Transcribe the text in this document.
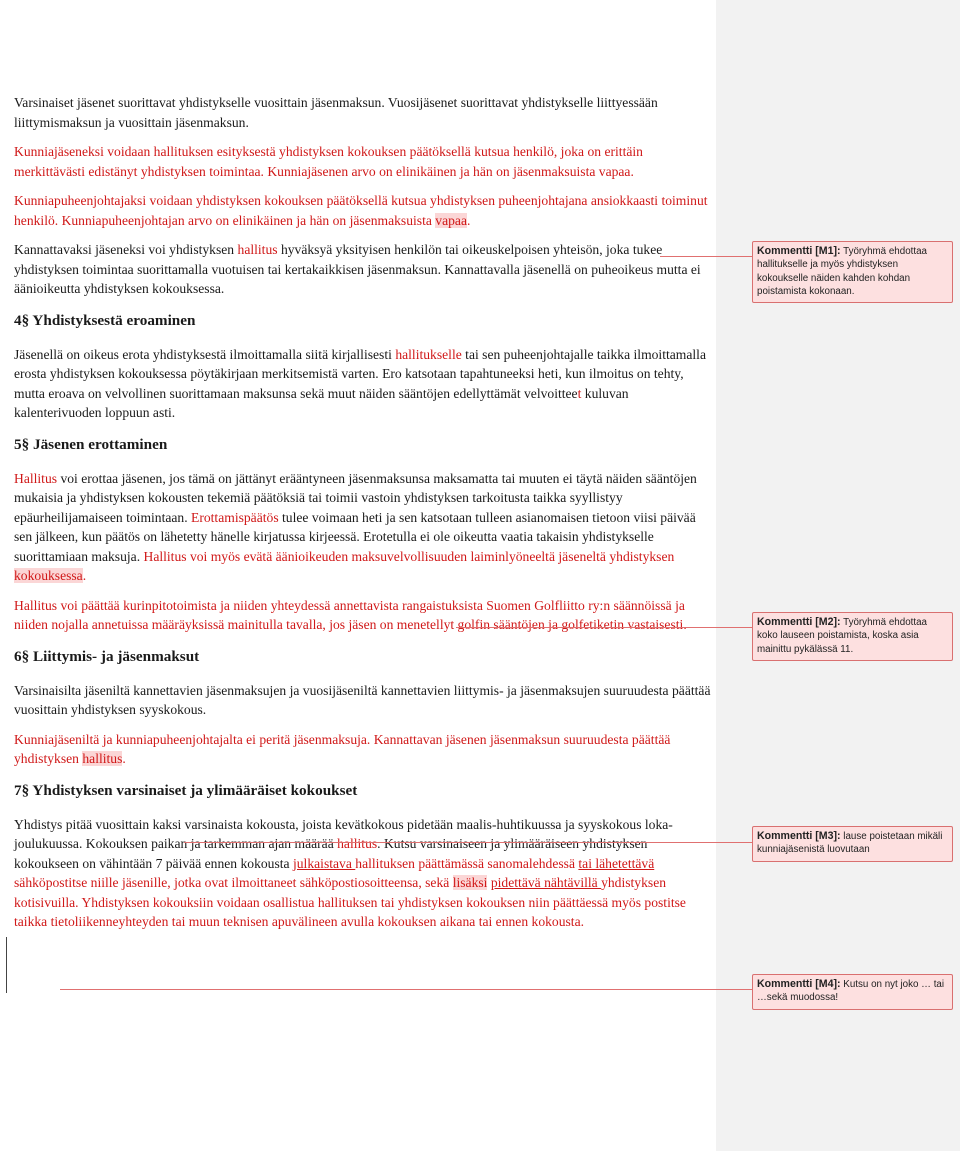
Varsinaiset jäsenet suorittavat yhdistykselle vuosittain jäsenmaksun. Vuosijäsenet suorittavat yhdistykselle liittyessään liittymismaksun ja vuosittain jäsenmaksun.

Kunniajäseneksi voidaan hallituksen esityksestä yhdistyksen kokouksen päätöksellä kutsua henkilö, joka on erittäin merkittävästi edistänyt yhdistyksen toimintaa. Kunniajäsenen arvo on elinikäinen ja hän on jäsenmaksuista vapaa.

Kunniapuheenjohtajaksi voidaan yhdistyksen kokouksen päätöksellä kutsua yhdistyksen puheenjohtajana ansiokkaasti toiminut henkilö. Kunniapuheenjohtajan arvo on elinikäinen ja hän on jäsenmaksuista vapaa.

Kannattavaksi jäseneksi voi yhdistyksen hallitus hyväksyä yksityisen henkilön tai oikeuskelpoisen yhteisön, joka tukee yhdistyksen toimintaa suorittamalla vuotuisen tai kertakaikkisen jäsenmaksun. Kannattavalla jäsenellä on puheoikeus mutta ei äänioikeutta yhdistyksen kokouksessa.

4§ Yhdistyksestä eroaminen

Jäsenellä on oikeus erota yhdistyksestä ilmoittamalla siitä kirjallisesti hallitukselle tai sen puheenjohtajalle taikka ilmoittamalla erosta yhdistyksen kokouksessa pöytäkirjaan merkitsemistä varten. Ero katsotaan tapahtuneeksi heti, kun ilmoitus on tehty, mutta eroava on velvollinen suorittamaan maksunsa sekä muut näiden sääntöjen edellyttämät velvoitteet kuluvan kalenterivuoden loppuun asti.

5§ Jäsenen erottaminen

Hallitus voi erottaa jäsenen, jos tämä on jättänyt erääntyneen jäsenmaksunsa maksamatta tai muuten ei täytä näiden sääntöjen mukaisia ja yhdistyksen kokousten tekemiä päätöksiä tai toimii vastoin yhdistyksen tarkoitusta taikka syyllistyy epäurheilijamaiseen toimintaan. Erottamispäätös tulee voimaan heti ja sen katsotaan tulleen asianomaisen tietoon viisi päivää sen jälkeen, kun päätös on lähetetty hänelle kirjatussa kirjeessä. Erotetulla ei ole oikeutta vaatia takaisin yhdistykselle suorittamiaan maksuja. Hallitus voi myös evätä äänioikeuden maksuvelvollisuuden laiminlyöneeltä jäseneltä yhdistyksen kokouksessa.

Hallitus voi päättää kurinpitotoimista ja niiden yhteydessä annettavista rangaistuksista Suomen Golfliitto ry:n säännöissä ja niiden nojalla annetuissa määräyksissä mainitulla tavalla, jos jäsen on menetellyt golfin sääntöjen ja golfetiketin vastaisesti.

6§ Liittymis- ja jäsenmaksut

Varsinaisilta jäseniltä kannettavien jäsenmaksujen ja vuosijäseniltä kannettavien liittymis- ja jäsenmaksujen suuruudesta päättää vuosittain yhdistyksen syyskokous.

Kunniajäseniltä ja kunniapuheenjohtajalta ei peritä jäsenmaksuja. Kannattavan jäsenen jäsenmaksun suuruudesta päättää yhdistyksen hallitus.

7§ Yhdistyksen varsinaiset ja ylimääräiset kokoukset

Yhdistys pitää vuosittain kaksi varsinaista kokousta, joista kevätkokous pidetään maalis-huhtikuussa ja syyskokous loka-joulukuussa. Kokouksen paikan ja tarkemman ajan määrää hallitus. Kutsu varsinaiseen ja ylimääräiseen yhdistyksen kokoukseen on vähintään 7 päivää ennen kokousta julkaistava hallituksen päättämässä sanomalehdessä tai lähetettävä sähköpostitse niille jäsenille, jotka ovat ilmoittaneet sähköpostiosoitteensa, sekä lisäksi pidettävä nähtävillä yhdistyksen kotisivuilla. Yhdistyksen kokouksiin voidaan osallistua hallituksen tai yhdistyksen kokouksen niin päättäessä myös postitse taikka tietoliikenneyhteyden tai muun teknisen apuvälineen avulla kokouksen aikana tai ennen kokousta.

Kommentti [M1]: Työryhmä ehdottaa hallitukselle ja myös yhdistyksen kokoukselle näiden kahden kohdan poistamista kokonaan.
Kommentti [M2]: Työryhmä ehdottaa koko lauseen poistamista, koska asia mainittu pykälässä 11.
Kommentti [M3]: lause poistetaan mikäli kunniajäsenistä luovutaan
Kommentti [M4]: Kutsu on nyt joko … tai …sekä muodossa!
